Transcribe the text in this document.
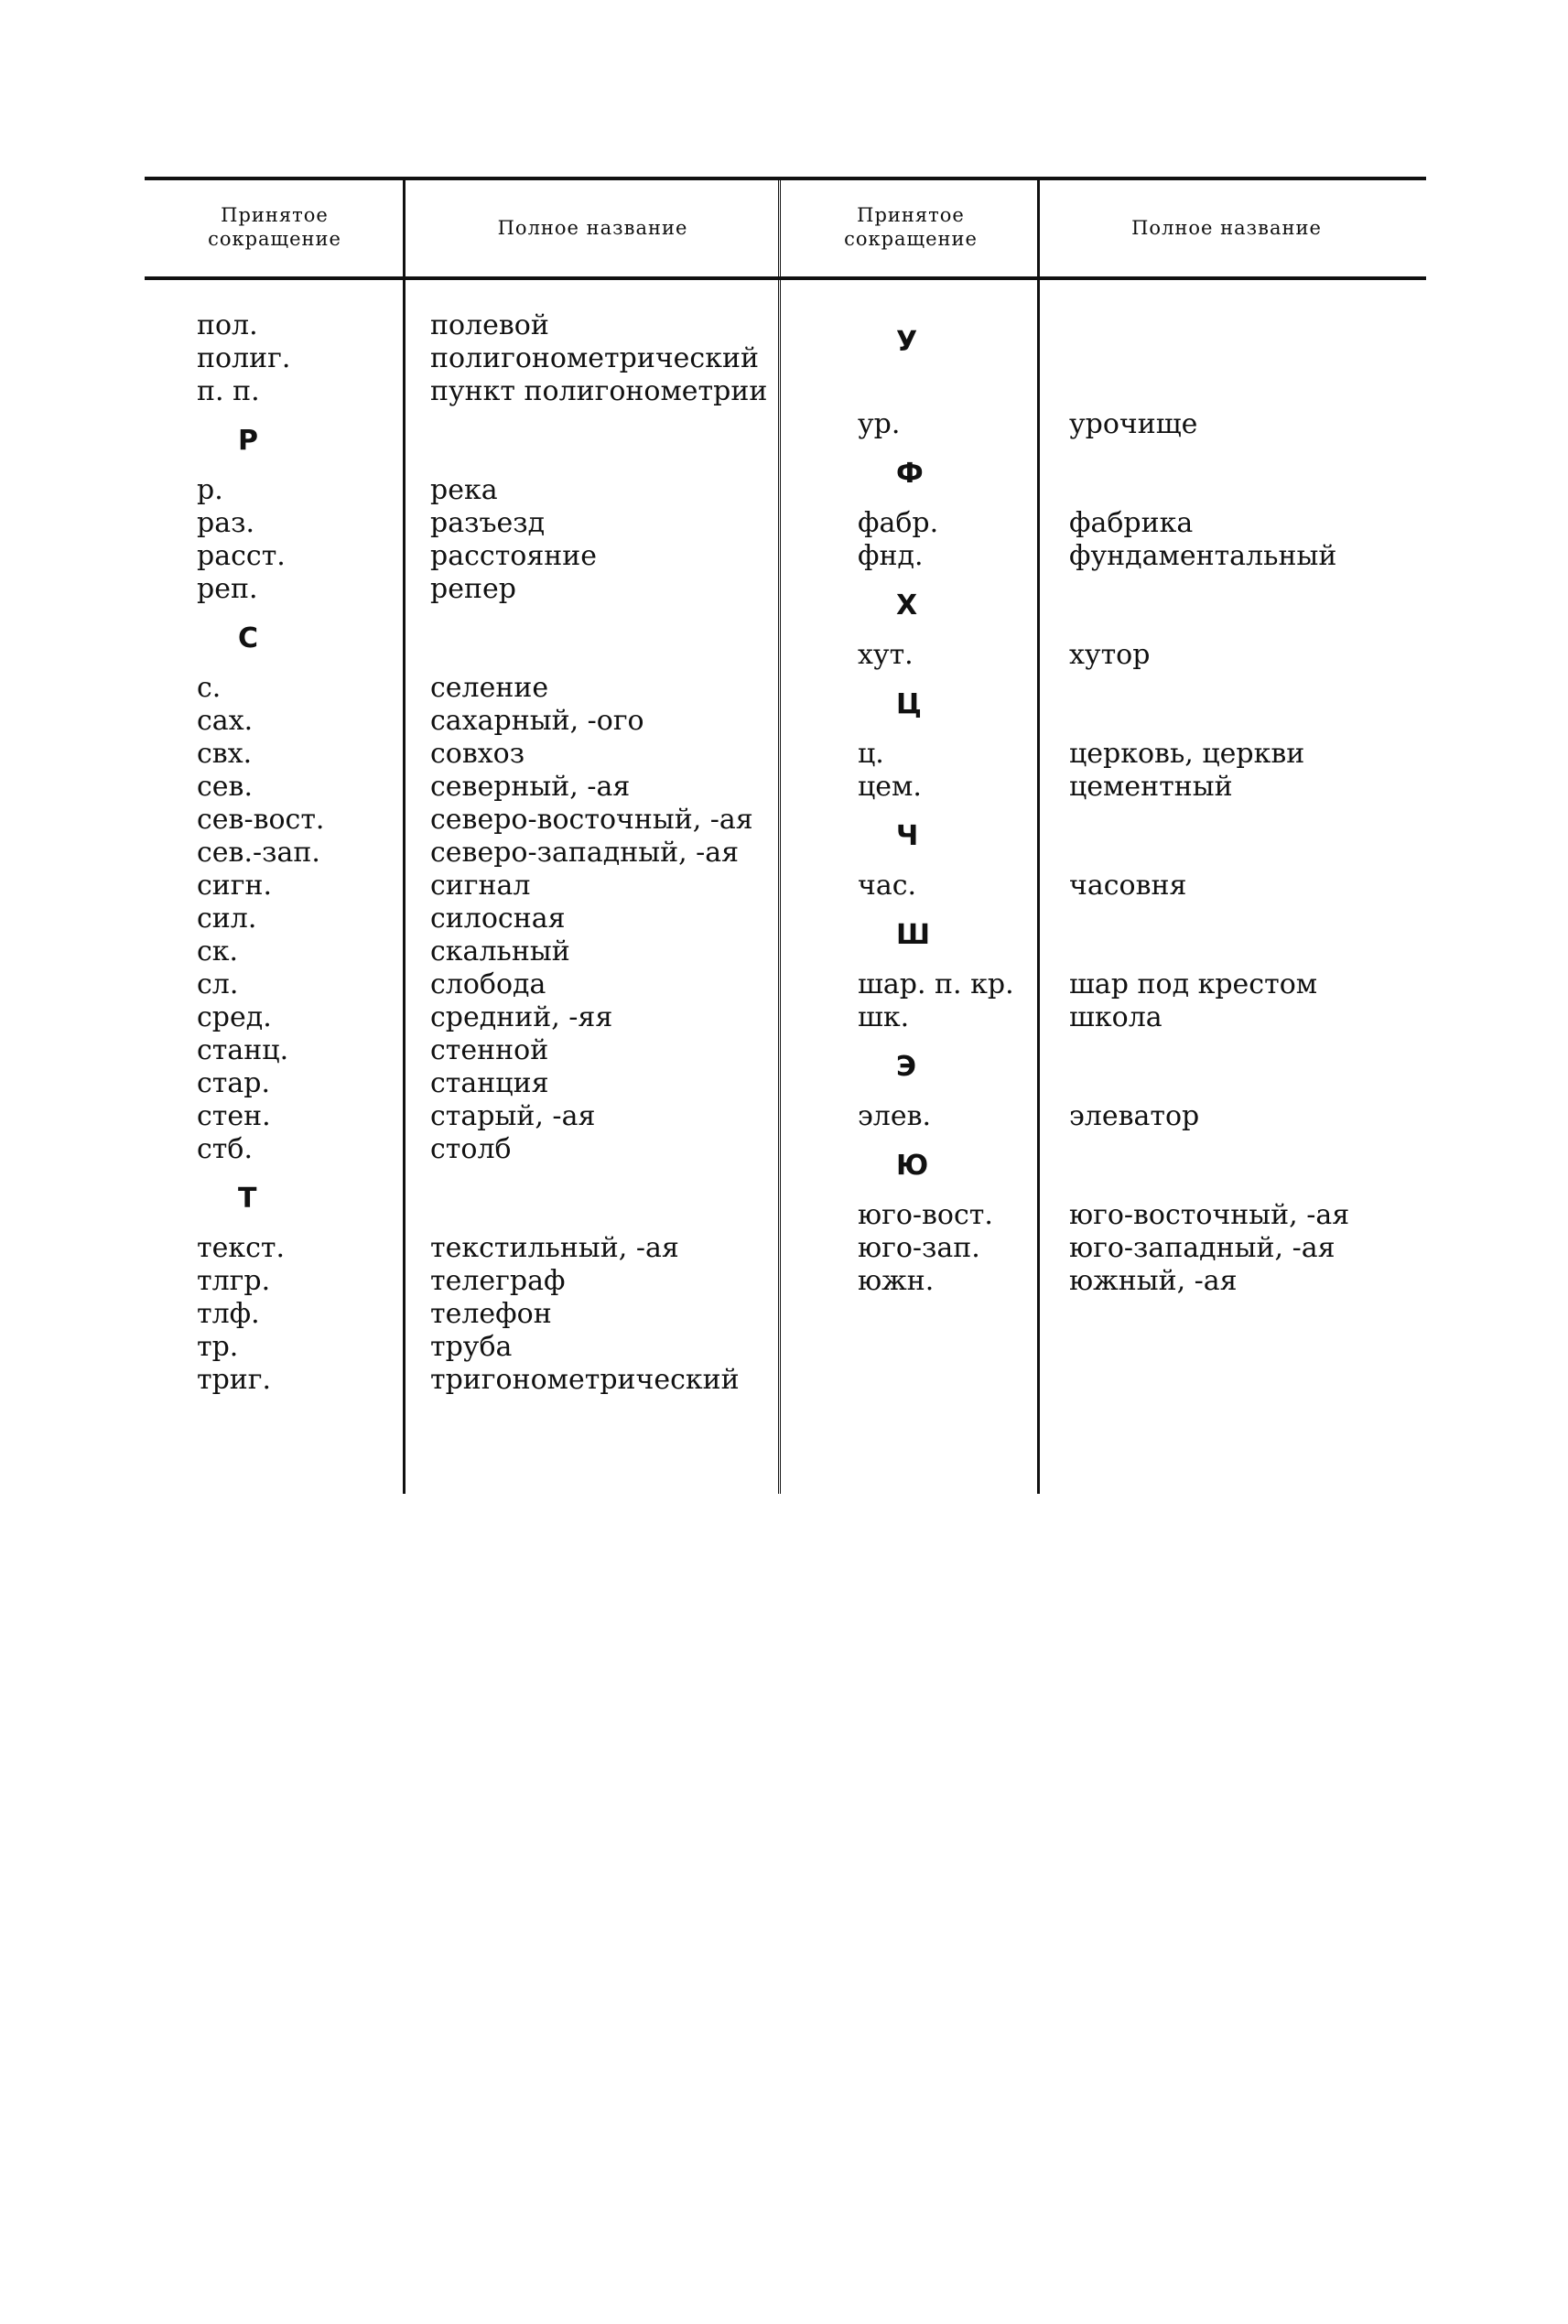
Принятое сокращение	Полное название
Принятое сокращение	Полное название
пол.
полиг.
п. п.
Р
р.
раз.
расст.
реп.
С
с.
сах.
свх.
сев.
сев-вост.
сев.-зап.
сигн.
сил.
ск.
сл.
сред.
станц.
стар.
стен.
стб.
Т
текст.
тлгр.
тлф.
тр.
триг.
полевой
полигонометрический
пункт полигонометрии
река
разъезд
расстояние
репер
селение
сахарный, -ого
совхоз
северный, -ая
северо-восточный, -ая
северо-западный, -ая
сигнал
силосная
скальный
слобода
средний, -яя
стенной
станция
старый, -ая
столб
текстильный, -ая
телеграф
телефон
труба
тригонометрический
У
ур.
Ф
фабр.
фнд.
Х
хут.
Ц
ц.
цем.
Ч
час.
Ш
шар. п. кр.
шк.
Э
элев.
Ю
юго-вост.
юго-зап.
южн.
урочище
фабрика
фундаментальный
хутор
церковь, церкви
цементный
часовня
шар под крестом
школа
элеватор
юго-восточный, -ая
юго-западный, -ая
южный, -ая
